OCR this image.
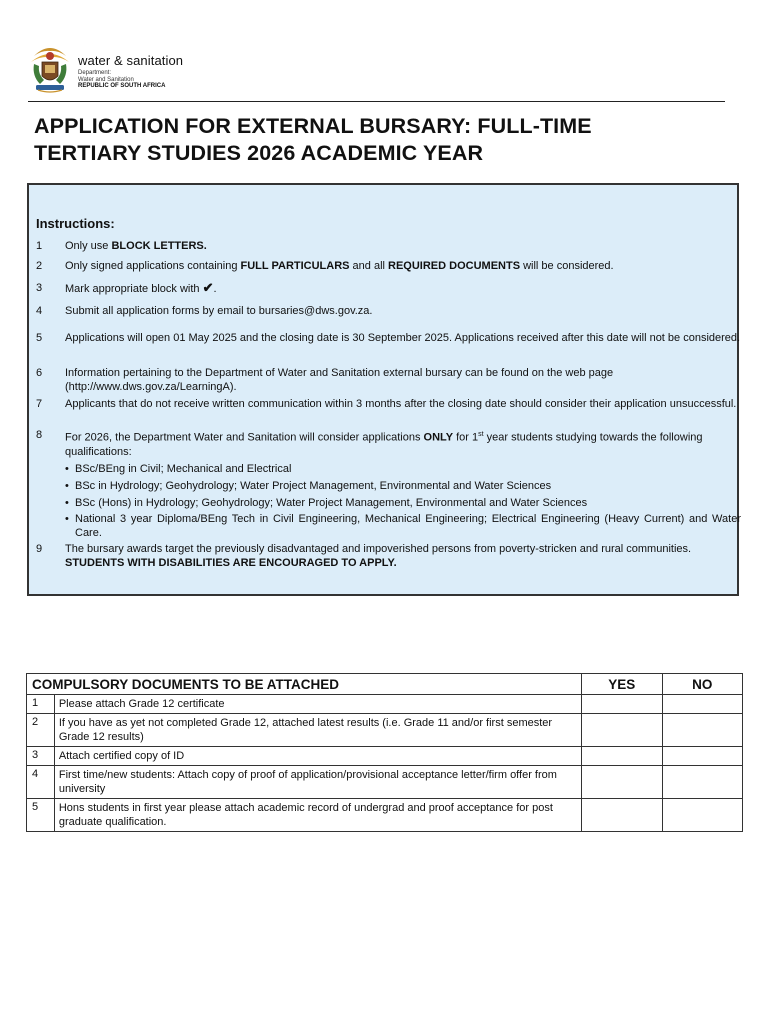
water & sanitation
Department:
Water and Sanitation
REPUBLIC OF SOUTH AFRICA
APPLICATION FOR EXTERNAL BURSARY: FULL-TIME
TERTIARY STUDIES 2026 ACADEMIC YEAR
Instructions:
1	Only use BLOCK LETTERS.
2	Only signed applications containing FULL PARTICULARS and all REQUIRED DOCUMENTS will be considered.
3	Mark appropriate block with ✔.
4	Submit all application forms by email to bursaries@dws.gov.za.
5	Applications will open 01 May 2025 and the closing date is 30 September 2025. Applications received after this date will not be considered.
6	Information pertaining to the Department of Water and Sanitation external bursary can be found on the web page (http://www.dws.gov.za/LearningA).
7	Applicants that do not receive written communication within 3 months after the closing date should consider their application unsuccessful.
8	For 2026, the Department Water and Sanitation will consider applications ONLY for 1st year students studying towards the following qualifications:
• BSc/BEng in Civil; Mechanical and Electrical
• BSc in Hydrology; Geohydrology; Water Project Management, Environmental and Water Sciences
• BSc (Hons) in Hydrology; Geohydrology; Water Project Management, Environmental and Water Sciences
• National 3 year Diploma/BEng Tech in Civil Engineering, Mechanical Engineering; Electrical Engineering (Heavy Current) and Water Care.
9	The bursary awards target the previously disadvantaged and impoverished persons from poverty-stricken and rural communities. STUDENTS WITH DISABILITIES ARE ENCOURAGED TO APPLY.
COMPULSORY DOCUMENTS TO BE ATTACHED		YES	NO
1	Please attach Grade 12 certificate		
2	If you have as yet not completed Grade 12, attached latest results (i.e. Grade 11 and/or first semester Grade 12 results)		
3	Attach certified copy of ID		
4	First time/new students: Attach copy of proof of application/provisional acceptance letter/firm offer from university		
5	Hons students in first year please attach academic record of undergrad and proof acceptance for post graduate qualification.		
